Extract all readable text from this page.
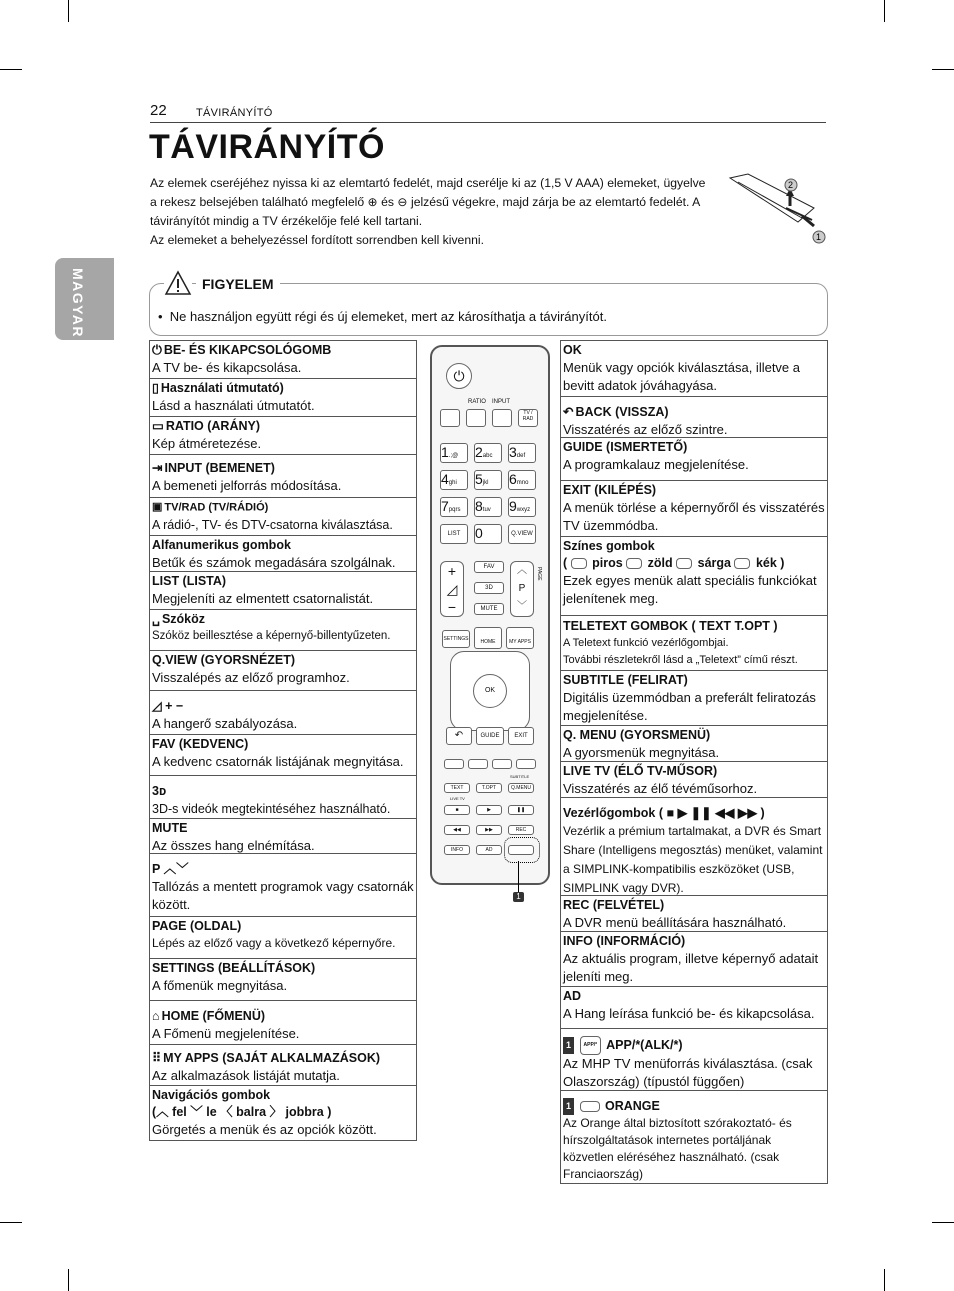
22	TÁVIRÁNYÍTÓ
TÁVIRÁNYÍTÓ
Az elemek cseréjéhez nyissa ki az elemtartó fedelét, majd cserélje ki az (1,5 V AAA) elemeket, ügyelve
a rekesz belsejében található megfelelő ⊕ és ⊖ jelzésű végekre, majd zárja be az elemtartó fedelét. A
távirányítót mindig a TV érzékelője felé kell tartani.
Az elemeket a behelyezéssel fordított sorrendben kell kivenni.
2
1
MAGYAR	FIGYELEM
•  Ne használjon együtt régi és új elemeket, mert az károsíthatja a távirányítót.
⏻ BE- ÉS KIKAPCSOLÓGOMB
A TV be- és kikapcsolása.
▯ Használati útmutató)
Lásd a használati útmutatót.
▭ RATIO (ARÁNY)
Kép átméretezése.
⇥ INPUT (BEMENET)
A bemeneti jelforrás módosítása.
▣ TV/RAD (TV/RÁDIÓ)
A rádió-, TV- és DTV-csatorna kiválasztása.
Alfanumerikus gombok
Betűk és számok megadására szolgálnak.
LIST (LISTA)
Megjeleníti az elmentett csatornalistát.
␣ Szóköz
Szóköz beillesztése a képernyő-billentyűzeten.
Q.VIEW (GYORSNÉZET)
Visszalépés az előző programhoz.
◿ + −
A hangerő szabályozása.
FAV (KEDVENC)
A kedvenc csatornák listájának megnyitása.
3ᴅ
3D-s videók megtekintéséhez használható.
MUTE
Az összes hang elnémítása.
P ︿﹀
Tallózás a mentett programok vagy csatornák között.
PAGE (OLDAL)
Lépés az előző vagy a következő képernyőre.
SETTINGS (BEÁLLÍTÁSOK)
A főmenük megnyitása.
⌂ HOME (FŐMENÜ)
A Főmenü megjelenítése.
⠿ MY APPS (SAJÁT ALKALMAZÁSOK)
Az alkalmazások listáját mutatja.
Navigációs gombok
(︿ fel ﹀ le 〈 balra 〉 jobbra )
Görgetés a menük és az opciók között.
OK
Menük vagy opciók kiválasztása, illetve a bevitt adatok jóváhagyása.
↶ BACK (VISSZA)
Visszatérés az előző szintre.
GUIDE (ISMERTETŐ)
A programkalauz megjelenítése.
EXIT (KILÉPÉS)
A menük törlése a képernyőről és visszatérés TV üzemmódba.
Színes gombok
(  piros zöld sárga kék )
Ezek egyes menük alatt speciális funkciókat jelenítenek meg.
TELETEXT GOMBOK ( TEXT T.OPT )
A Teletext funkció vezérlőgombjai.
További részletekről lásd a „Teletext” című részt.
SUBTITLE (FELIRAT)
Digitális üzemmódban a preferált feliratozás megjelenítése.
Q. MENU (GYORSMENÜ)
A gyorsmenük megnyitása.
LIVE TV (ÉLŐ TV-MŰSOR)
Visszatérés az élő tévéműsorhoz.
Vezérlőgombok ( ■ ▶ ❚❚ ◀◀ ▶▶ )
Vezérlik a prémium tartalmakat, a DVR és Smart Share (Intelligens megosztás) menüket, valamint a SIMPLINK-kompatibilis eszközöket (USB, SIMPLINK vagy DVR).
REC (FELVÉTEL)
A DVR menü beállítására használható.
INFO (INFORMÁCIÓ)
Az aktuális program, illetve képernyő adatait jeleníti meg.
AD
A Hang leírása funkció be- és kikapcsolása.
1 APP/* APP/*(ALK/*)
Az MHP TV menüforrás kiválasztása. (csak Olaszország) (típustól függően)
1	ORANGE
Az Orange által biztosított szórakoztató- és hírszolgáltatások internetes portáljának közvetlen eléréséhez használható. (csak Franciaország)
⏻
RATIO INPUT
TV / RAD
1.;@	2abc	3def
4ghi	5jkl	6mno
7pqrs	8tuv	9wxyz
LIST	0	Q.VIEW
+
◿
−
FAV
3D
MUTE
︿
P
﹀
PAGE
SETTINGS	HOME	MY APPS
OK
↶	GUIDE	EXIT
SUBTITLE
TEXT	T.OPT	Q.MENU
LIVE TV
■	▶	❚❚
◀◀	▶▶	REC
INFO	AD
1
